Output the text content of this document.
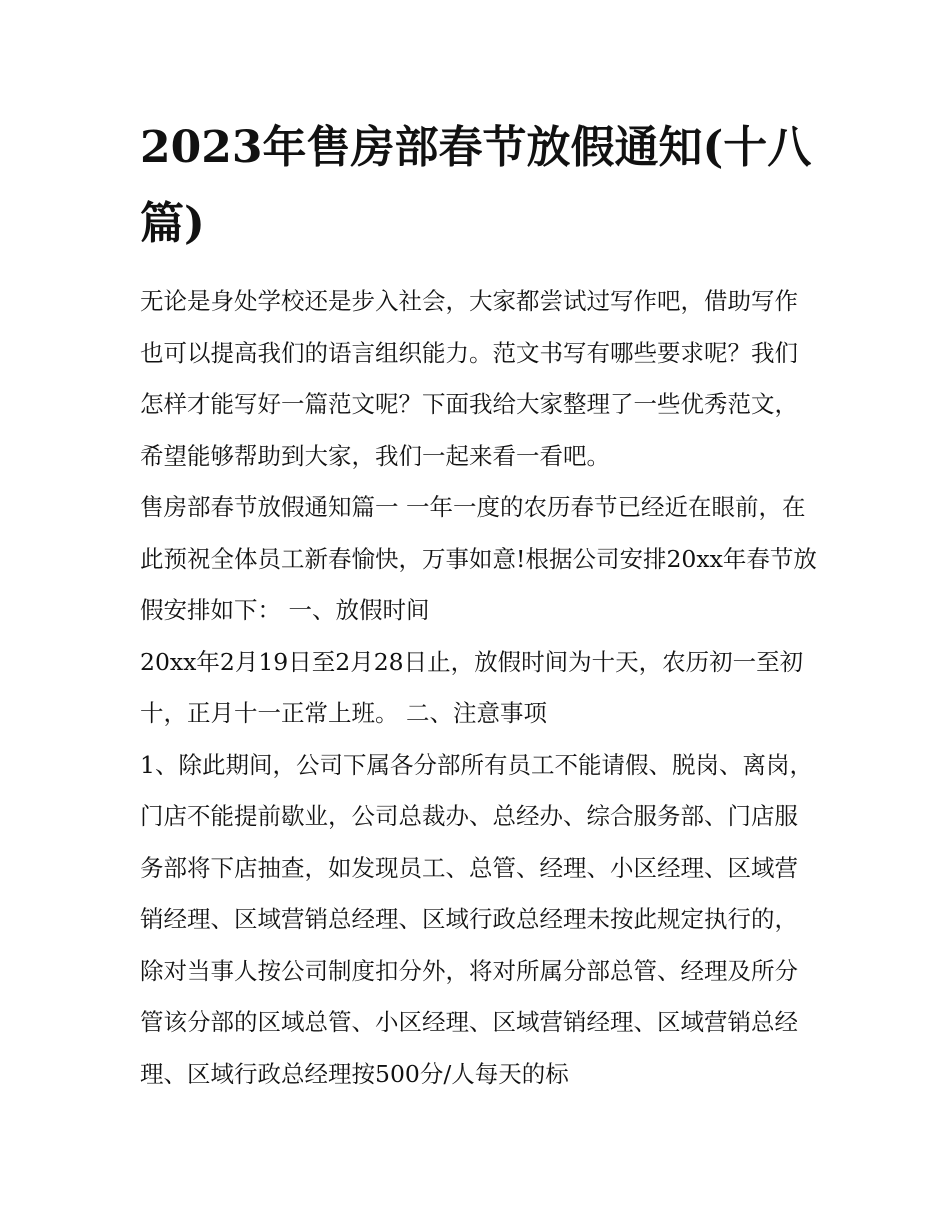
2023年售房部春节放假通知(十八篇)

无论是身处学校还是步入社会，大家都尝试过写作吧，借助写作也可以提高我们的语言组织能力。范文书写有哪些要求呢？我们怎样才能写好一篇范文呢？下面我给大家整理了一些优秀范文，希望能够帮助到大家，我们一起来看一看吧。

售房部春节放假通知篇一 一年一度的农历春节已经近在眼前，在此预祝全体员工新春愉快，万事如意!根据公司安排20xx年春节放假安排如下： 一、放假时间

20xx年2月19日至2月28日止，放假时间为十天，农历初一至初十，正月十一正常上班。 二、注意事项

1、除此期间，公司下属各分部所有员工不能请假、脱岗、离岗，门店不能提前歇业，公司总裁办、总经办、综合服务部、门店服务部将下店抽查，如发现员工、总管、经理、小区经理、区域营销经理、区域营销总经理、区域行政总经理未按此规定执行的，除对当事人按公司制度扣分外，将对所属分部总管、经理及所分管该分部的区域总管、小区经理、区域营销经理、区域营销总经理、区域行政总经理按500分/人每天的标
